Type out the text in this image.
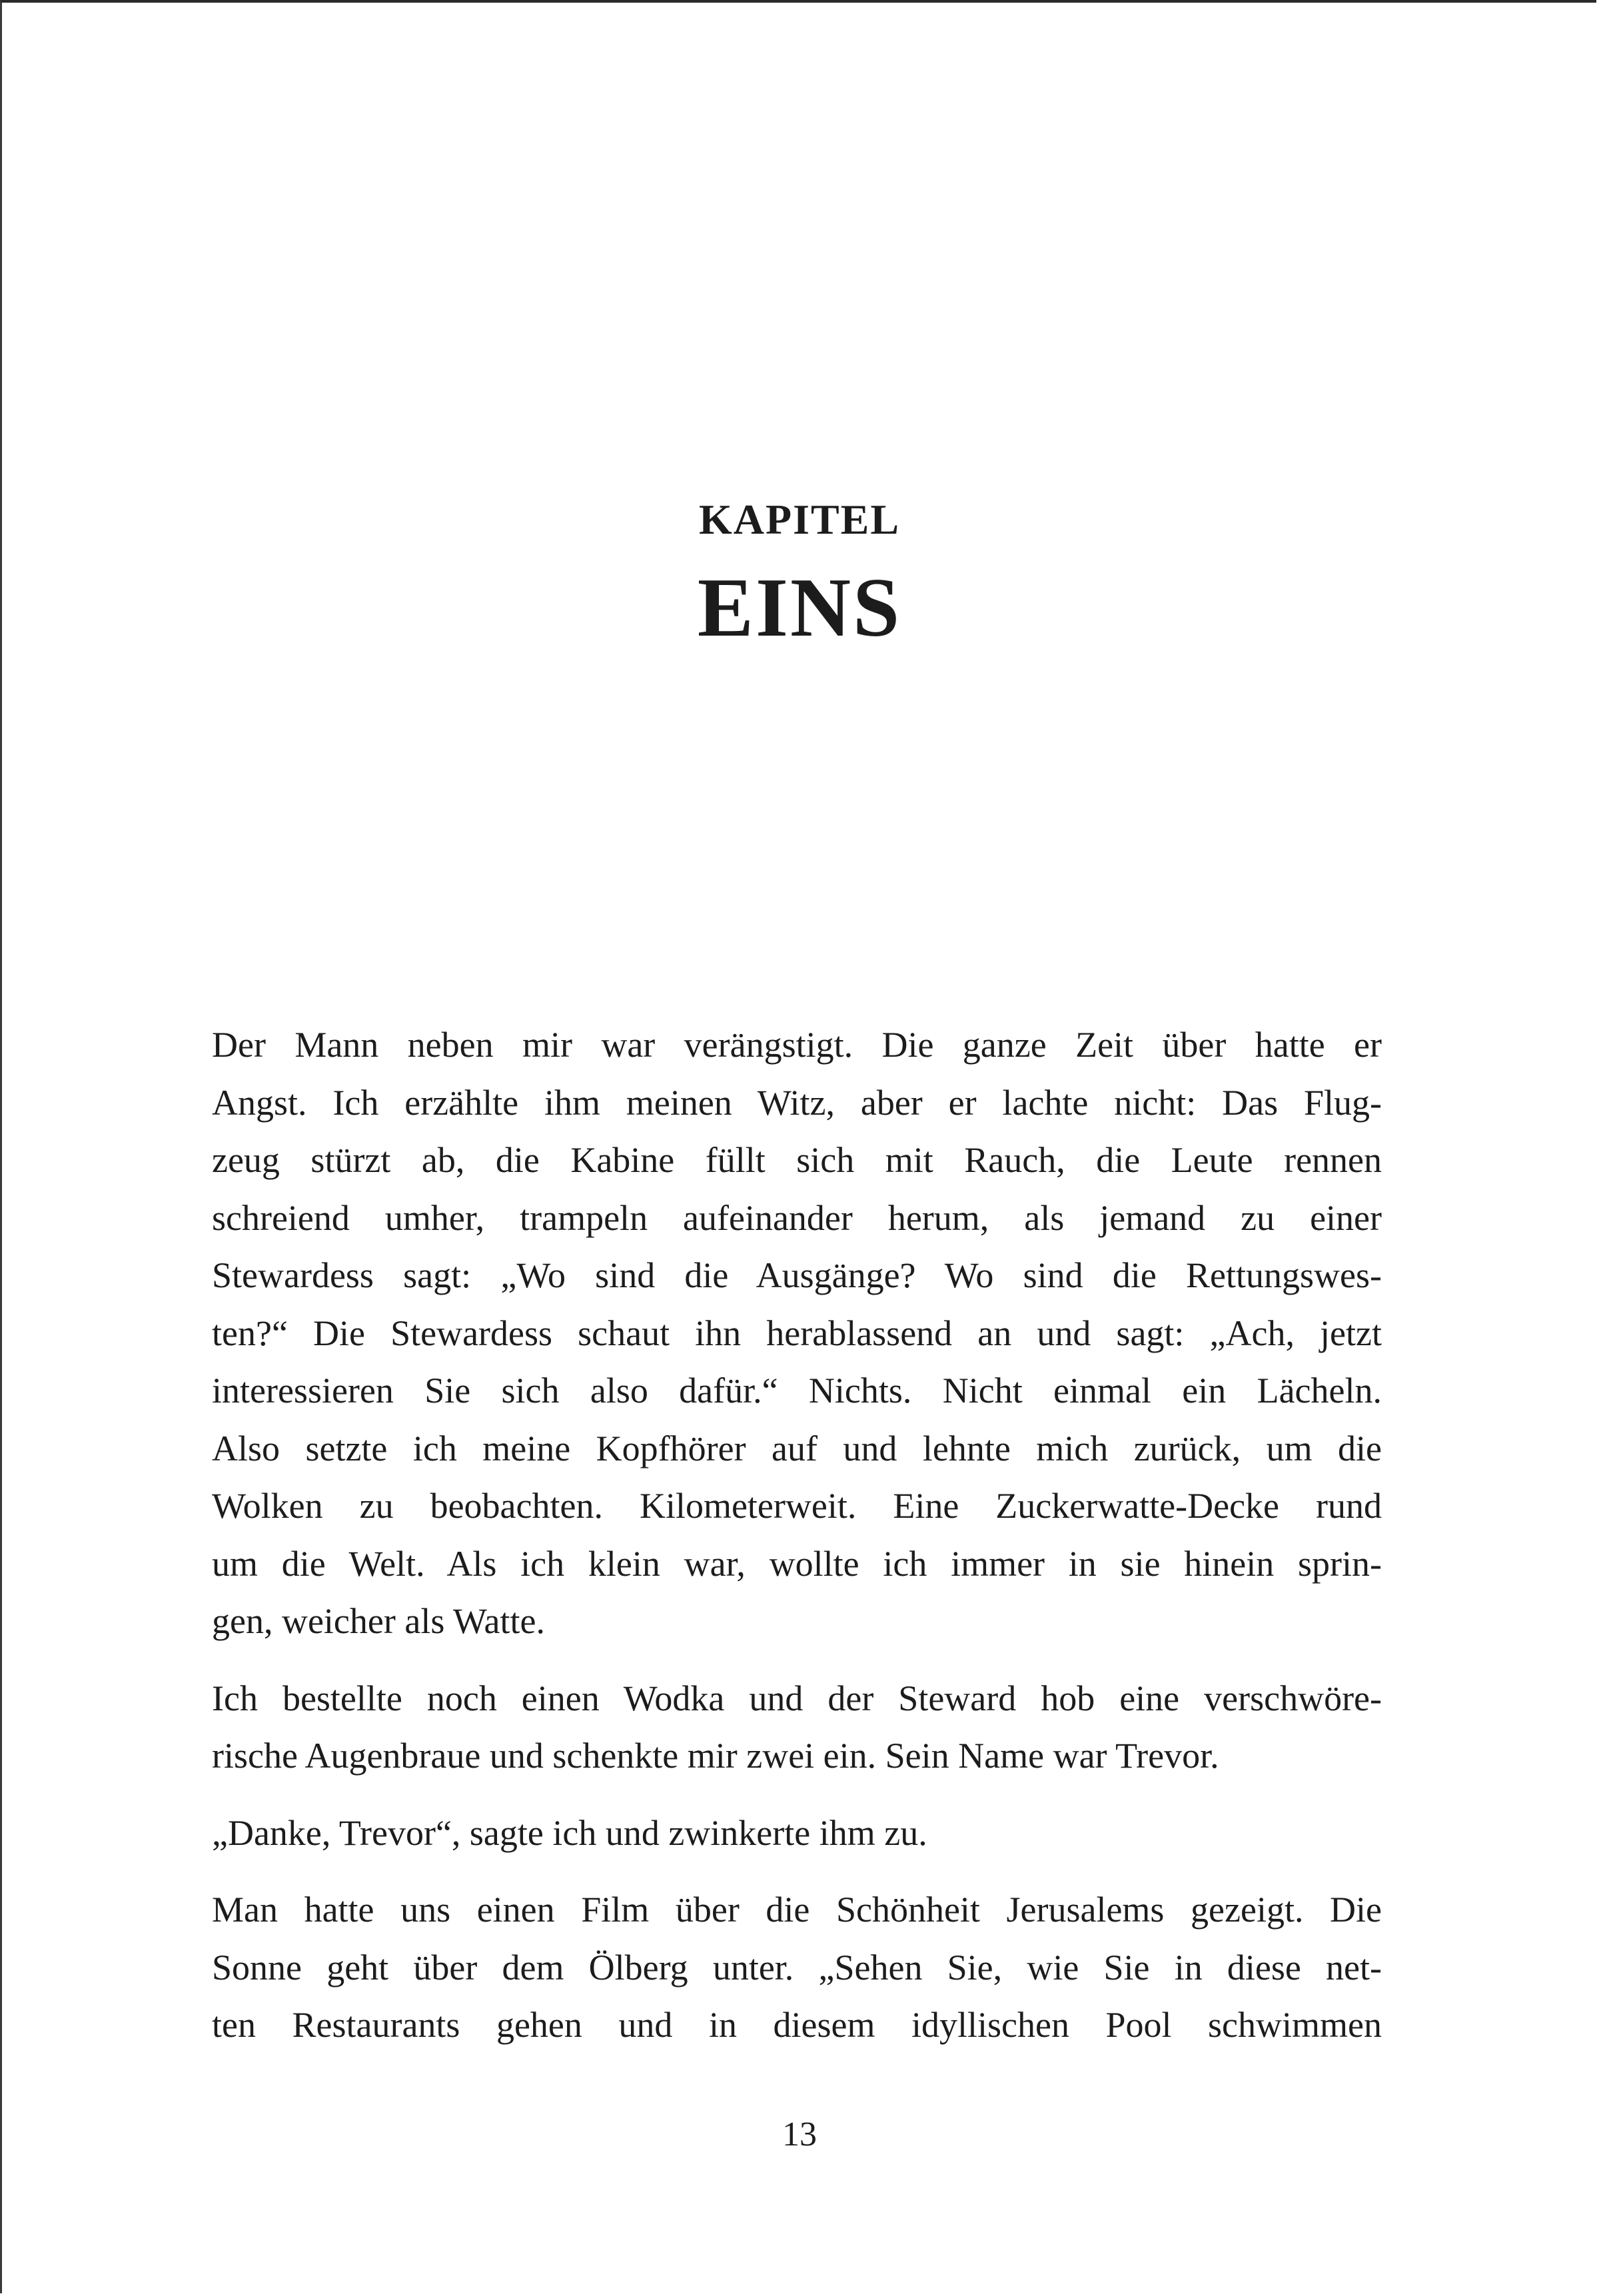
KAPITEL
EINS

Der Mann neben mir war verängstigt. Die ganze Zeit über hatte er
Angst. Ich erzählte ihm meinen Witz, aber er lachte nicht: Das Flug-
zeug stürzt ab, die Kabine füllt sich mit Rauch, die Leute rennen
schreiend umher, trampeln aufeinander herum, als jemand zu einer
Stewardess sagt: „Wo sind die Ausgänge? Wo sind die Rettungswes-
ten?“ Die Stewardess schaut ihn herablassend an und sagt: „Ach, jetzt
interessieren Sie sich also dafür.“ Nichts. Nicht einmal ein Lächeln.
Also setzte ich meine Kopfhörer auf und lehnte mich zurück, um die
Wolken zu beobachten. Kilometerweit. Eine Zuckerwatte-Decke rund
um die Welt. Als ich klein war, wollte ich immer in sie hinein sprin-
gen, weicher als Watte.

Ich bestellte noch einen Wodka und der Steward hob eine verschwöre-
rische Augenbraue und schenkte mir zwei ein. Sein Name war Trevor.

„Danke, Trevor“, sagte ich und zwinkerte ihm zu.

Man hatte uns einen Film über die Schönheit Jerusalems gezeigt. Die
Sonne geht über dem Ölberg unter. „Sehen Sie, wie Sie in diese net-
ten Restaurants gehen und in diesem idyllischen Pool schwimmen

13
